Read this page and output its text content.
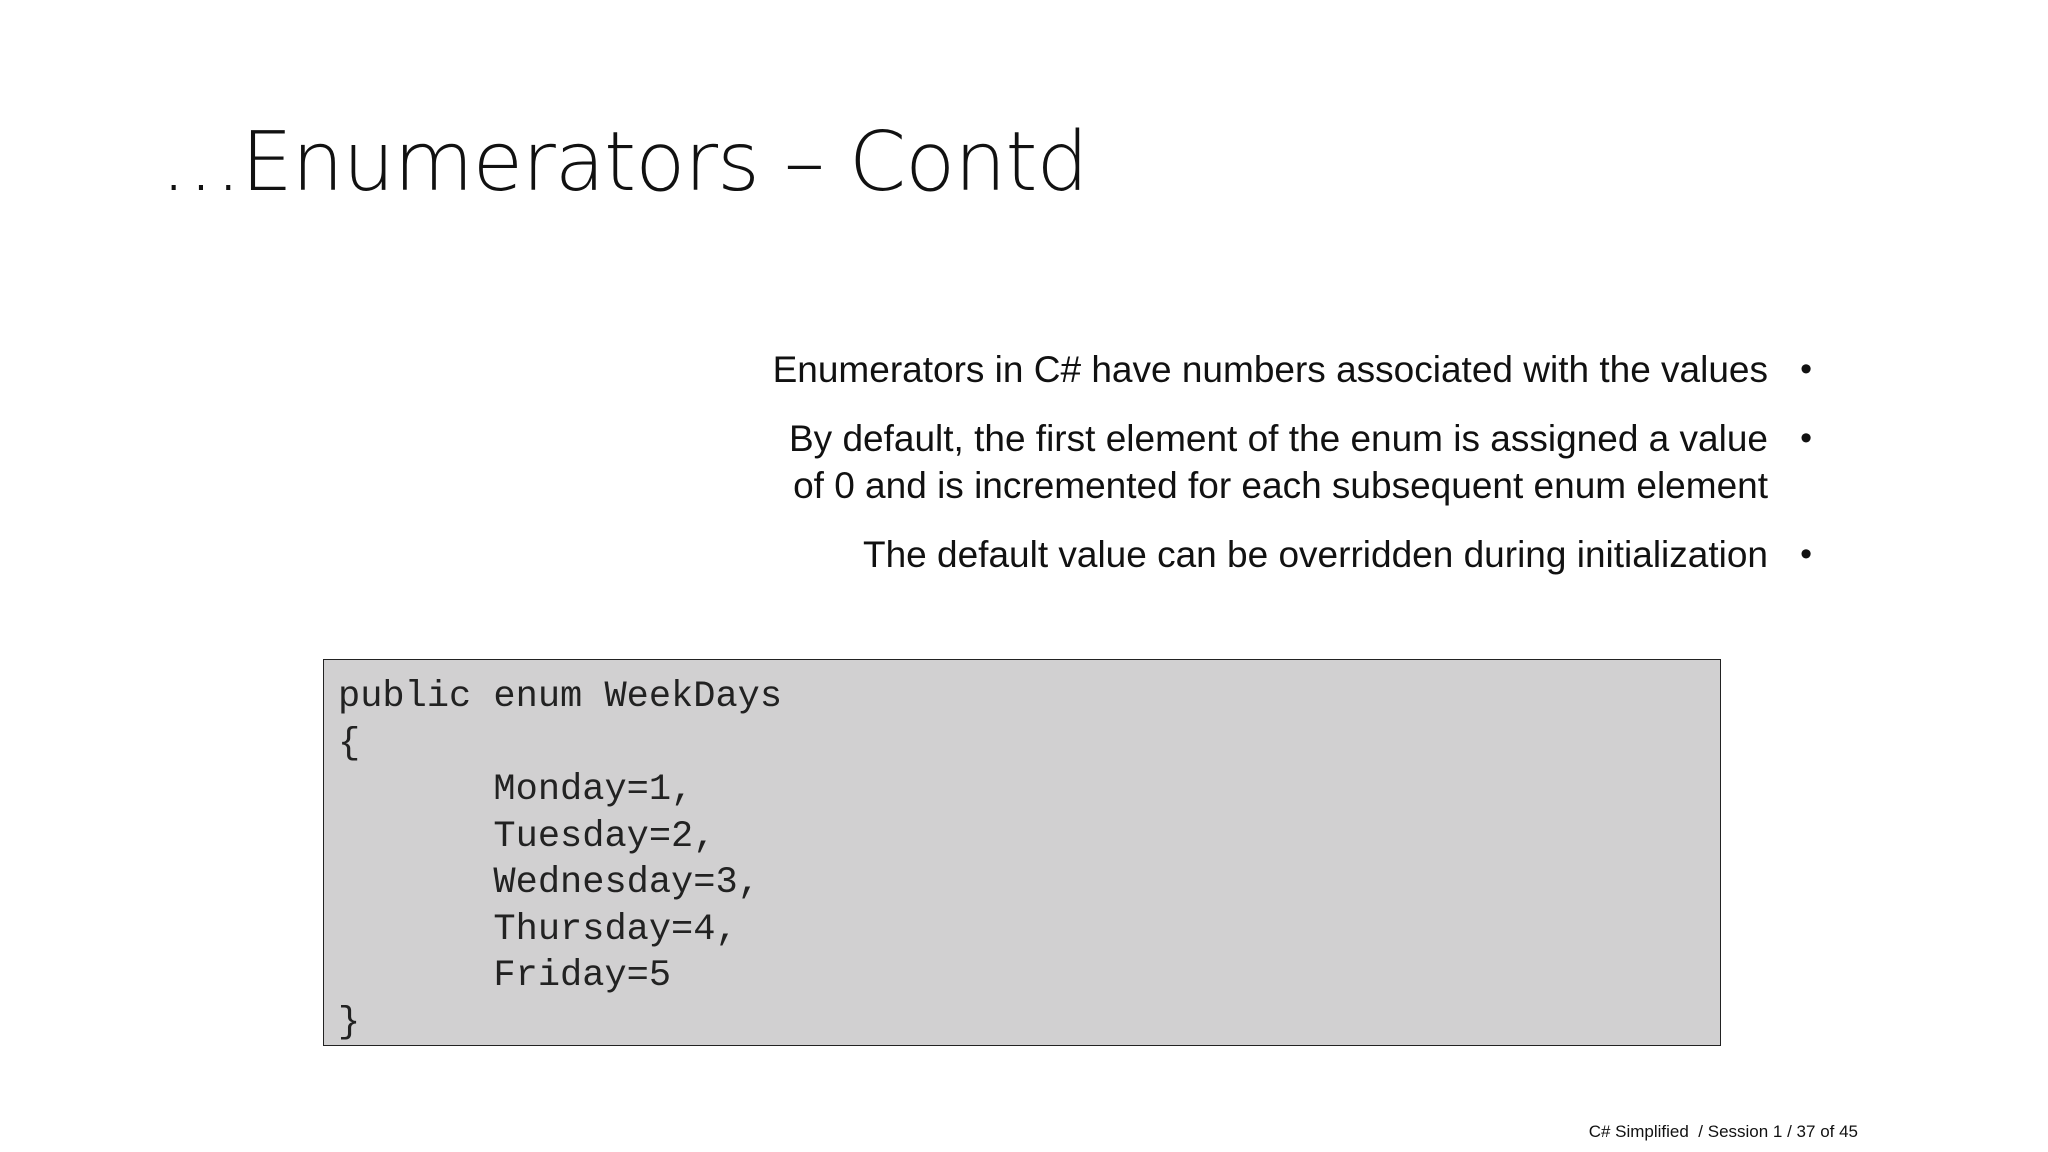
…Enumerators – Contd
•
Enumerators in C# have numbers associated with the values
•
By default, the first element of the enum is assigned a value of 0 and is incremented for each subsequent enum element
•
The default value can be overridden during initialization
public enum WeekDays
{
Monday=1,
Tuesday=2,
Wednesday=3,
Thursday=4,
Friday=5
}
C# Simplified  / Session 1 / 37 of 45
